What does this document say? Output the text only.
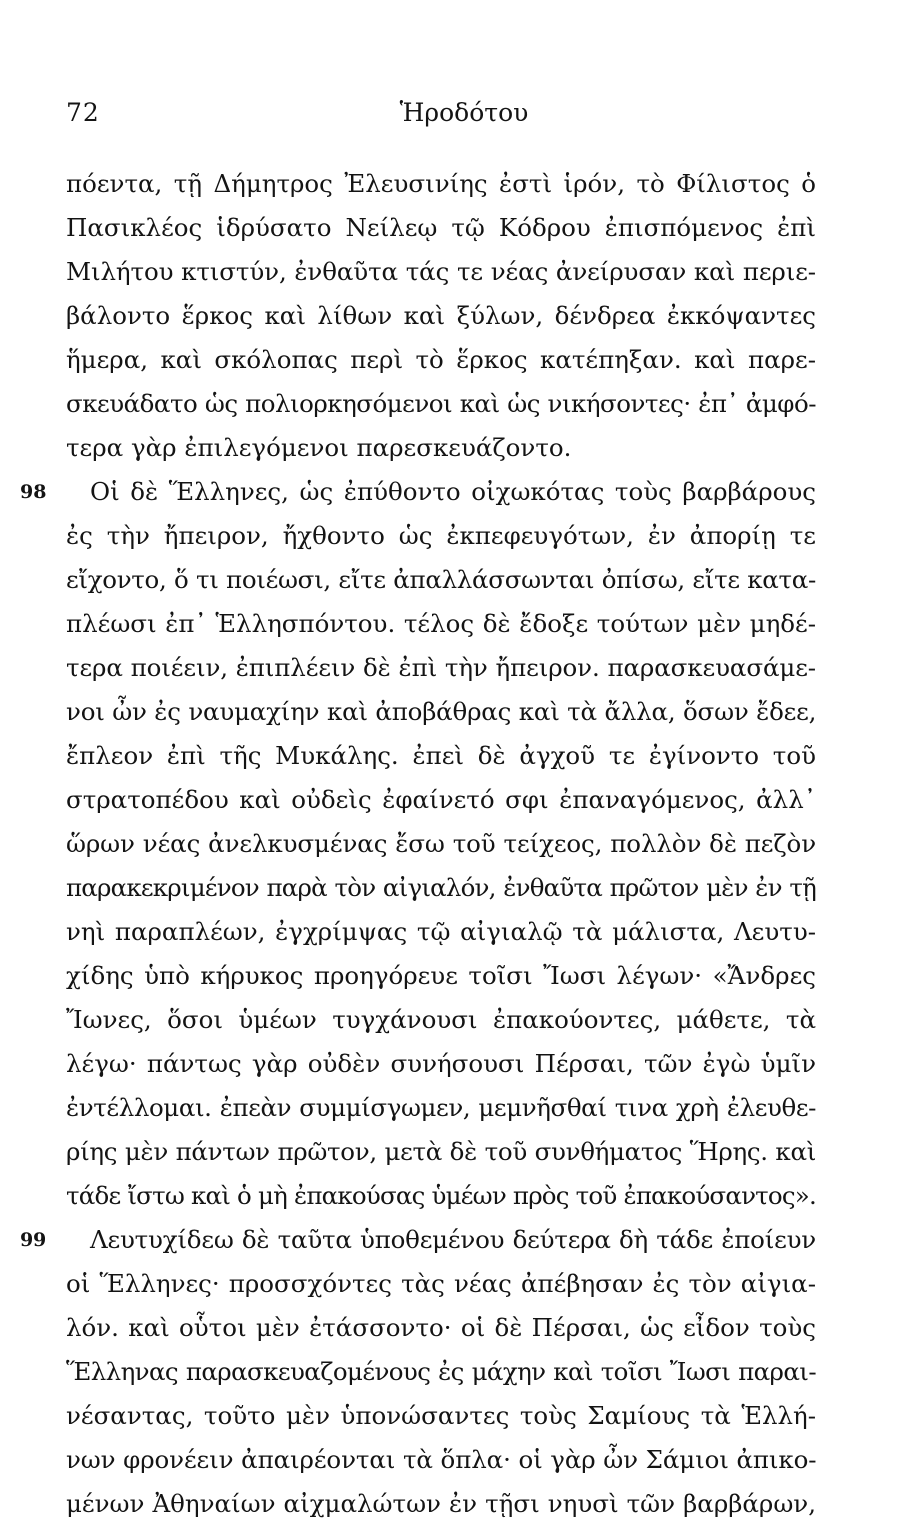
72	Ἡροδότου
πόεντα, τῇ Δήμητρος Ἐλευσινίης ἐστὶ ἱρόν, τὸ Φίλιστος ὁ
Πασικλέος ἱδρύσατο Νείλεῳ τῷ Κόδρου ἐπισπόμενος ἐπὶ
Μιλήτου κτιστύν, ἐνθαῦτα τάς τε νέας ἀνείρυσαν καὶ περιε-
βάλοντο ἕρκος καὶ λίθων καὶ ξύλων, δένδρεα ἐκκόψαντες
ἥμερα, καὶ σκόλοπας περὶ τὸ ἕρκος κατέπηξαν. καὶ παρε-
σκευάδατο ὡς πολιορκησόμενοι καὶ ὡς νικήσοντες· ἐπ᾽ ἀμφό-
τερα γὰρ ἐπιλεγόμενοι παρεσκευάζοντο.
98 Οἱ δὲ Ἕλληνες, ὡς ἐπύθοντο οἰχωκότας τοὺς βαρβάρους
ἐς τὴν ἤπειρον, ἤχθοντο ὡς ἐκπεφευγότων, ἐν ἀπορίῃ τε
εἴχοντο, ὅ τι ποιέωσι, εἴτε ἀπαλλάσσωνται ὀπίσω, εἴτε κατα-
πλέωσι ἐπ᾽ Ἑλλησπόντου. τέλος δὲ ἔδοξε τούτων μὲν μηδέ-
τερα ποιέειν, ἐπιπλέειν δὲ ἐπὶ τὴν ἤπειρον. παρασκευασάμε-
νοι ὦν ἐς ναυμαχίην καὶ ἀποβάθρας καὶ τὰ ἄλλα, ὅσων ἔδεε,
ἔπλεον ἐπὶ τῆς Μυκάλης. ἐπεὶ δὲ ἀγχοῦ τε ἐγίνοντο τοῦ
στρατοπέδου καὶ οὐδεὶς ἐφαίνετό σφι ἐπαναγόμενος, ἀλλ᾽
ὥρων νέας ἀνελκυσμένας ἔσω τοῦ τείχεος, πολλὸν δὲ πεζὸν
παρακεκριμένον παρὰ τὸν αἰγιαλόν, ἐνθαῦτα πρῶτον μὲν ἐν τῇ
νηὶ παραπλέων, ἐγχρίμψας τῷ αἰγιαλῷ τὰ μάλιστα, Λευτυ-
χίδης ὑπὸ κήρυκος προηγόρευε τοῖσι Ἴωσι λέγων· «Ἄνδρες
Ἴωνες, ὅσοι ὑμέων τυγχάνουσι ἐπακούοντες, μάθετε, τὰ
λέγω· πάντως γὰρ οὐδὲν συνήσουσι Πέρσαι, τῶν ἐγὼ ὑμῖν
ἐντέλλομαι. ἐπεὰν συμμίσγωμεν, μεμνῆσθαί τινα χρὴ ἐλευθε-
ρίης μὲν πάντων πρῶτον, μετὰ δὲ τοῦ συνθήματος Ἥρης. καὶ
τάδε ἴστω καὶ ὁ μὴ ἐπακούσας ὑμέων πρὸς τοῦ ἐπακούσαντος».
99 Λευτυχίδεω δὲ ταῦτα ὑποθεμένου δεύτερα δὴ τάδε ἐποίευν
οἱ Ἕλληνες· προσσχόντες τὰς νέας ἀπέβησαν ἐς τὸν αἰγια-
λόν. καὶ οὗτοι μὲν ἐτάσσοντο· οἱ δὲ Πέρσαι, ὡς εἶδον τοὺς
Ἕλληνας παρασκευαζομένους ἐς μάχην καὶ τοῖσι Ἴωσι παραι-
νέσαντας, τοῦτο μὲν ὑπονώσαντες τοὺς Σαμίους τὰ Ἑλλή-
νων φρονέειν ἀπαιρέονται τὰ ὅπλα· οἱ γὰρ ὦν Σάμιοι ἀπικο-
μένων Ἀθηναίων αἰχμαλώτων ἐν τῇσι νηυσὶ τῶν βαρβάρων,
